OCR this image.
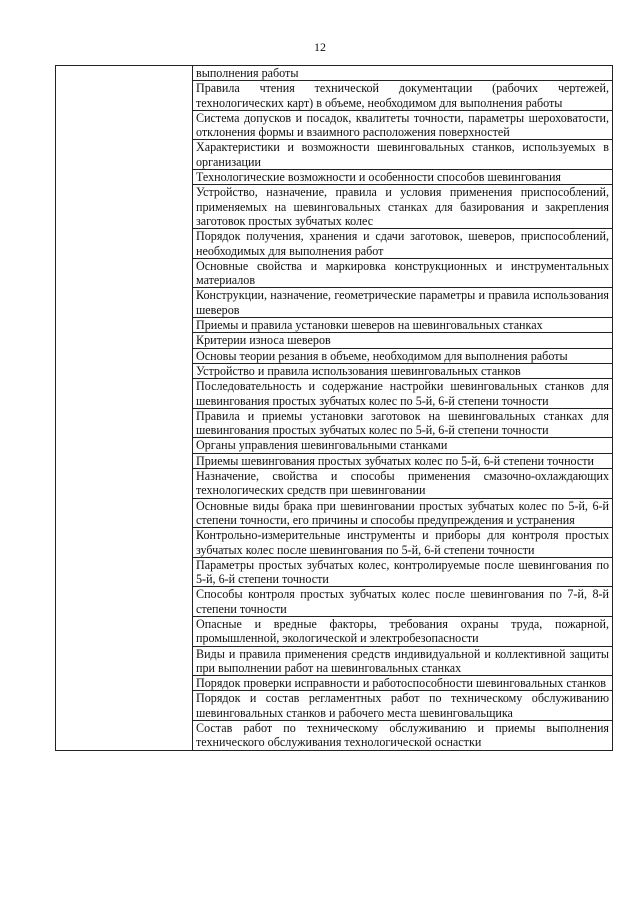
12
	выполнения работы
Правила чтения технической документации (рабочих чертежей, технологических карт) в объеме, необходимом для выполнения работы
Система допусков и посадок, квалитеты точности, параметры шероховатости, отклонения формы и взаимного расположения поверхностей
Характеристики и возможности шевинговальных станков, используемых в организации
Технологические возможности и особенности способов шевингования
Устройство, назначение, правила и условия применения приспособлений, применяемых на шевинговальных станках для базирования и закрепления заготовок простых зубчатых колес
Порядок получения, хранения и сдачи заготовок, шеверов, приспособлений, необходимых для выполнения работ
Основные свойства и маркировка конструкционных и инструментальных материалов
Конструкции, назначение, геометрические параметры и правила использования шеверов
Приемы и правила установки шеверов на шевинговальных станках
Критерии износа шеверов
Основы теории резания в объеме, необходимом для выполнения работы
Устройство и правила использования шевинговальных станков
Последовательность и содержание настройки шевинговальных станков для шевингования простых зубчатых колес по 5-й, 6-й степени точности
Правила и приемы установки заготовок на шевинговальных станках для шевингования простых зубчатых колес по 5-й, 6-й степени точности
Органы управления шевинговальными станками
Приемы шевингования простых зубчатых колес по 5-й, 6-й степени точности
Назначение, свойства и способы применения смазочно-охлаждающих технологических средств при шевинговании
Основные виды брака при шевинговании простых зубчатых колес по 5-й, 6-й степени точности, его причины и способы предупреждения и устранения
Контрольно-измерительные инструменты и приборы для контроля простых зубчатых колес после шевингования по 5-й, 6-й степени точности
Параметры простых зубчатых колес, контролируемые после шевингования по 5-й, 6-й степени точности
Способы контроля простых зубчатых колес после шевингования по 7-й, 8-й степени точности
Опасные и вредные факторы, требования охраны труда, пожарной, промышленной, экологической и электробезопасности
Виды и правила применения средств индивидуальной и коллективной защиты при выполнении работ на шевинговальных станках
Порядок проверки исправности и работоспособности шевинговальных станков
Порядок и состав регламентных работ по техническому обслуживанию шевинговальных станков и рабочего места шевинговальщика
Состав работ по техническому обслуживанию и приемы выполнения технического обслуживания технологической оснастки
